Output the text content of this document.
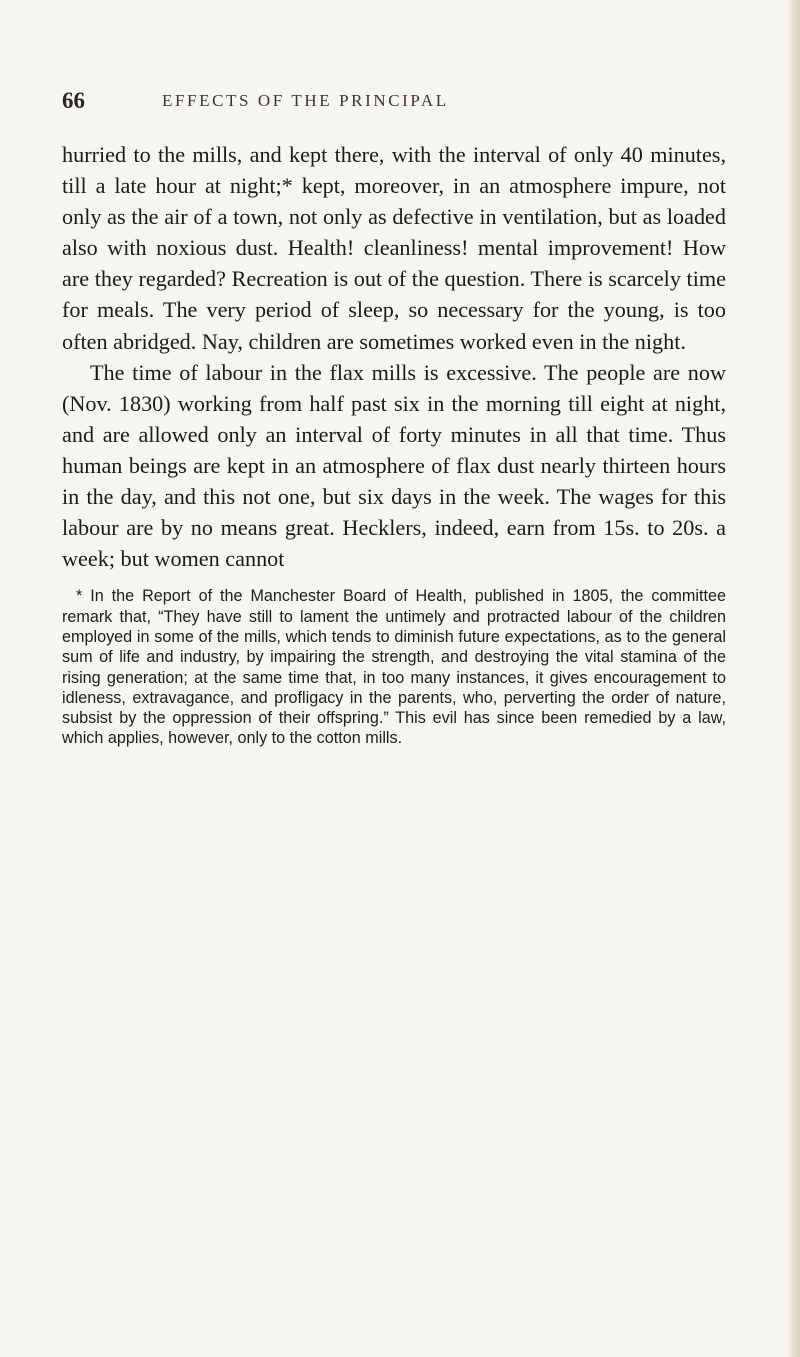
66	EFFECTS OF THE PRINCIPAL

hurried to the mills, and kept there, with the interval of only 40 minutes, till a late hour at night;* kept, moreover, in an atmosphere impure, not only as the air of a town, not only as defective in ventilation, but as loaded also with noxious dust. Health! cleanliness! mental improvement! How are they regarded? Recreation is out of the question. There is scarcely time for meals. The very period of sleep, so necessary for the young, is too often abridged. Nay, children are sometimes worked even in the night.

The time of labour in the flax mills is excessive. The people are now (Nov. 1830) working from half past six in the morning till eight at night, and are allowed only an interval of forty minutes in all that time. Thus human beings are kept in an atmosphere of flax dust nearly thirteen hours in the day, and this not one, but six days in the week. The wages for this labour are by no means great. Hecklers, indeed, earn from 15s. to 20s. a week; but women cannot

* In the Report of the Manchester Board of Health, published in 1805, the committee remark that, “They have still to lament the untimely and protracted labour of the children employed in some of the mills, which tends to diminish future expectations, as to the general sum of life and industry, by impairing the strength, and destroying the vital stamina of the rising generation; at the same time that, in too many instances, it gives encouragement to idleness, extravagance, and profligacy in the parents, who, perverting the order of nature, subsist by the oppression of their offspring.” This evil has since been remedied by a law, which applies, however, only to the cotton mills.
